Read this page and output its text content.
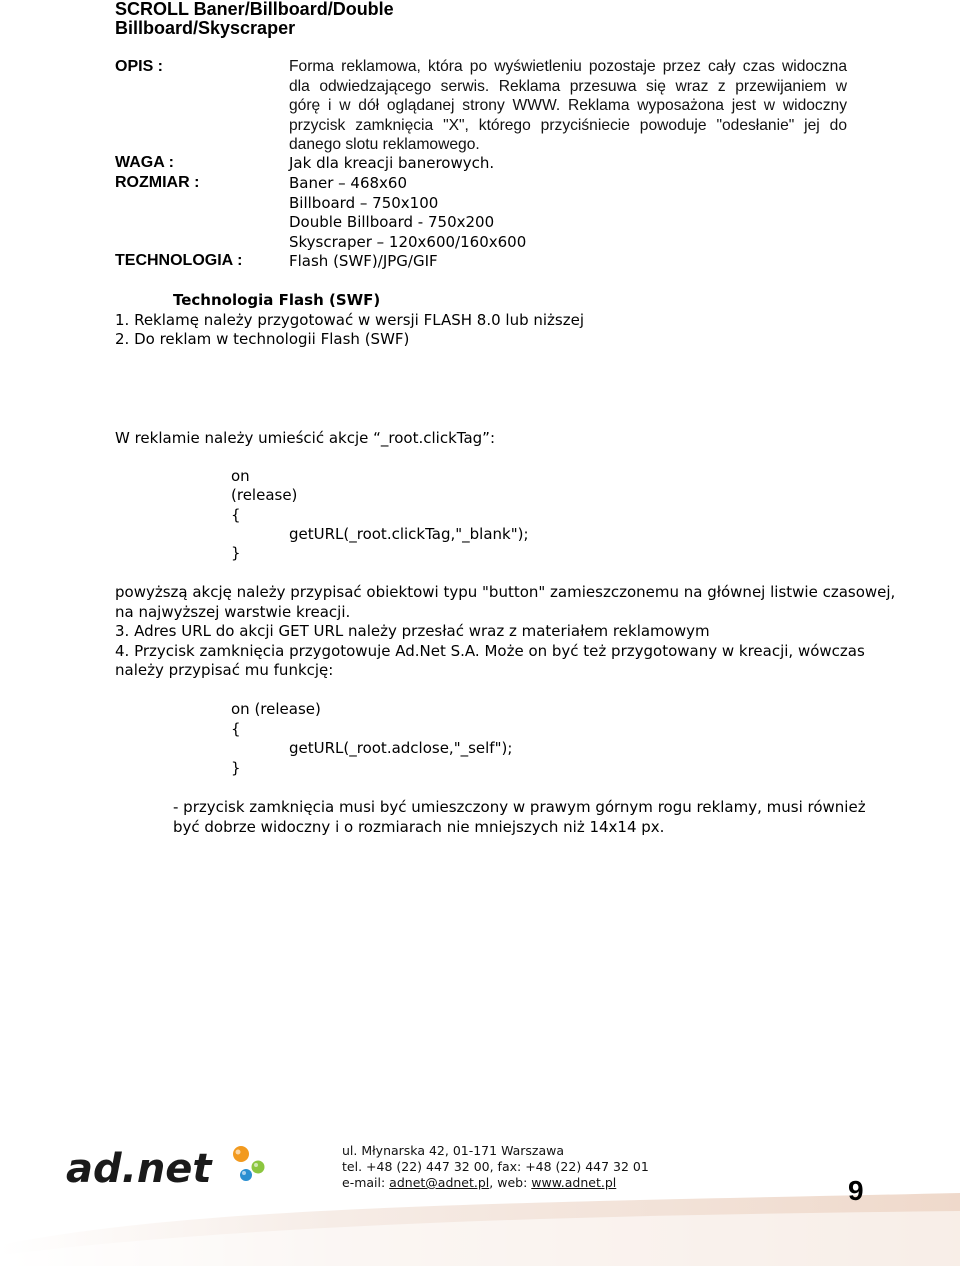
SCROLL Baner/Billboard/Double
Billboard/Skyscraper
OPIS :	Forma reklamowa, która po wyświetleniu pozostaje przez cały czas widoczna
dla odwiedzającego serwis. Reklama przesuwa się wraz z przewijaniem w
górę i w dół oglądanej strony WWW. Reklama wyposażona jest w widoczny
przycisk zamknięcia "X", którego przyciśniecie powoduje "odesłanie" jej do
danego slotu reklamowego.
WAGA :	Jak dla kreacji banerowych.
ROZMIAR :	Baner – 468x60
Billboard – 750x100
Double Billboard - 750x200
Skyscraper – 120x600/160x600
TECHNOLOGIA :	Flash (SWF)/JPG/GIF
Technologia Flash (SWF)
1. Reklamę należy przygotować w wersji FLASH 8.0 lub niższej
2. Do reklam w technologii Flash (SWF)
W reklamie należy umieścić akcje “_root.clickTag”:
on
(release)
{
getURL(_root.clickTag,"_blank");
}
powyższą akcję należy przypisać obiektowi typu "button" zamieszczonemu na głównej listwie czasowej,
na najwyższej warstwie kreacji.
3. Adres URL do akcji GET URL należy przesłać wraz z materiałem reklamowym
4. Przycisk zamknięcia przygotowuje Ad.Net S.A. Może on być też przygotowany w kreacji, wówczas
należy przypisać mu funkcję:
on (release)
{
getURL(_root.adclose,"_self");
}
- przycisk zamknięcia musi być umieszczony w prawym górnym rogu reklamy, musi również
być dobrze widoczny i o rozmiarach nie mniejszych niż 14x14 px.
ad.net	ul. Młynarska 42, 01-171 Warszawa
tel. +48 (22) 447 32 00, fax: +48 (22) 447 32 01
e-mail: adnet@adnet.pl, web: www.adnet.pl	9
